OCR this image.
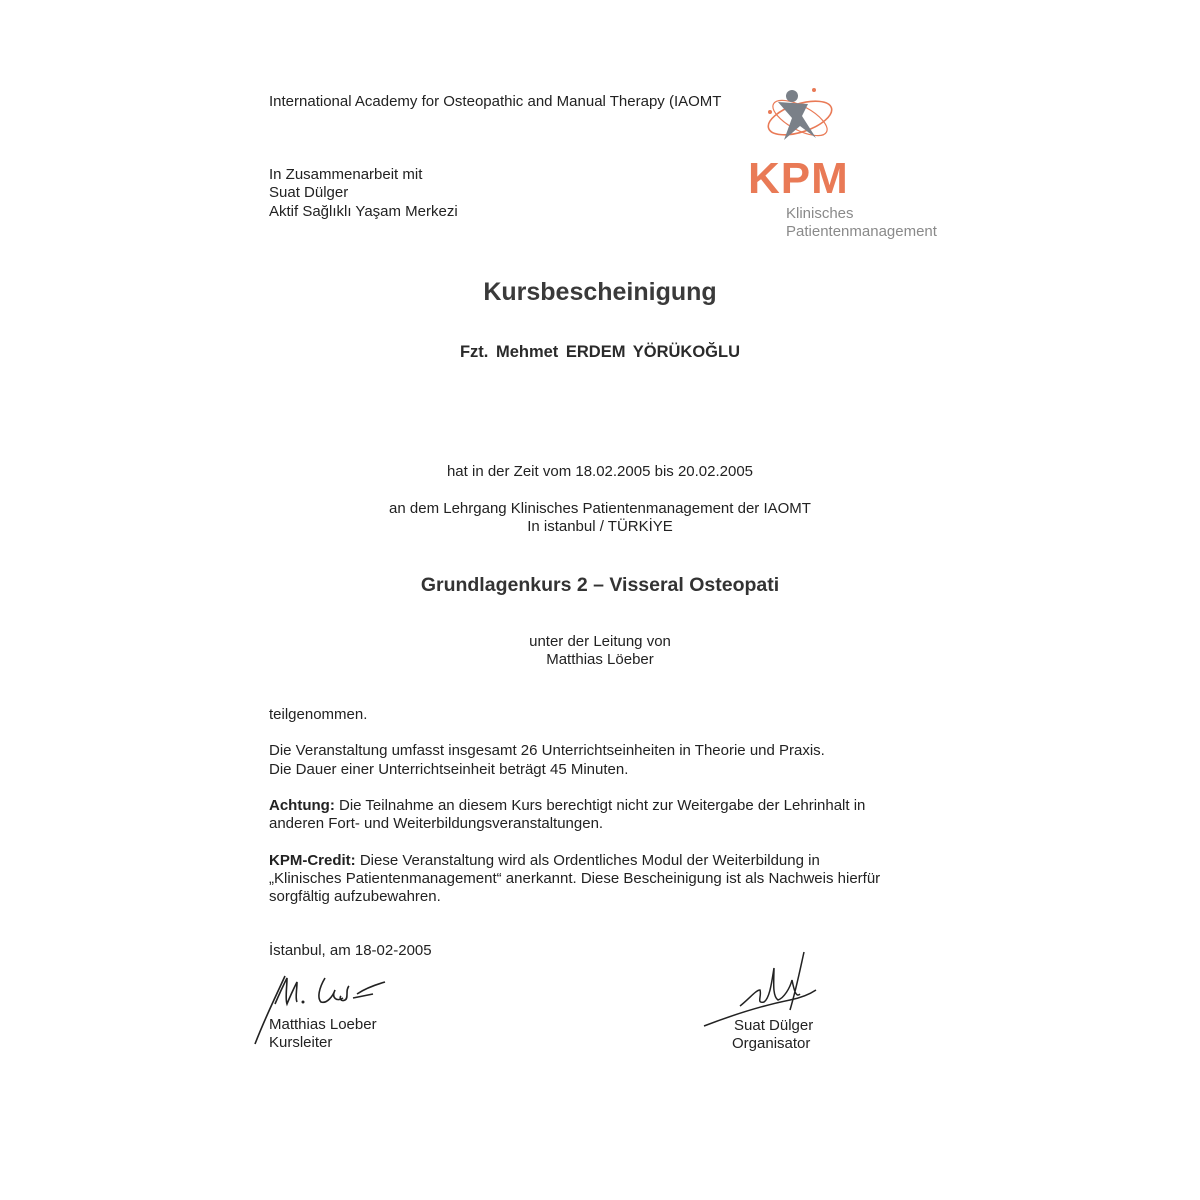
International Academy for Osteopathic and Manual Therapy (IAOMT
In Zusammenarbeit mit
Suat Dülger
Aktif Sağlıklı Yaşam Merkezi
KPM
Klinisches
Patientenmanagement
Kursbescheinigung
Fzt. Mehmet ERDEM YÖRÜKOĞLU
hat in der Zeit vom 18.02.2005 bis 20.02.2005
an dem Lehrgang Klinisches Patientenmanagement der IAOMT
In istanbul / TÜRKİYE
Grundlagenkurs 2 – Visseral Osteopati
unter der Leitung von
Matthias Löeber
teilgenommen.
Die Veranstaltung umfasst insgesamt 26 Unterrichtseinheiten in Theorie und Praxis.
Die Dauer einer Unterrichtseinheit beträgt 45 Minuten.
Achtung: Die Teilnahme an diesem Kurs berechtigt nicht zur Weitergabe der Lehrinhalt in
anderen Fort- und Weiterbildungsveranstaltungen.
KPM-Credit: Diese Veranstaltung wird als Ordentliches Modul der Weiterbildung in
„Klinisches Patientenmanagement“ anerkannt. Diese Bescheinigung ist als Nachweis hierfür
sorgfältig aufzubewahren.
İstanbul, am 18-02-2005
Matthias Loeber
Kursleiter
Suat Dülger
Organisator
